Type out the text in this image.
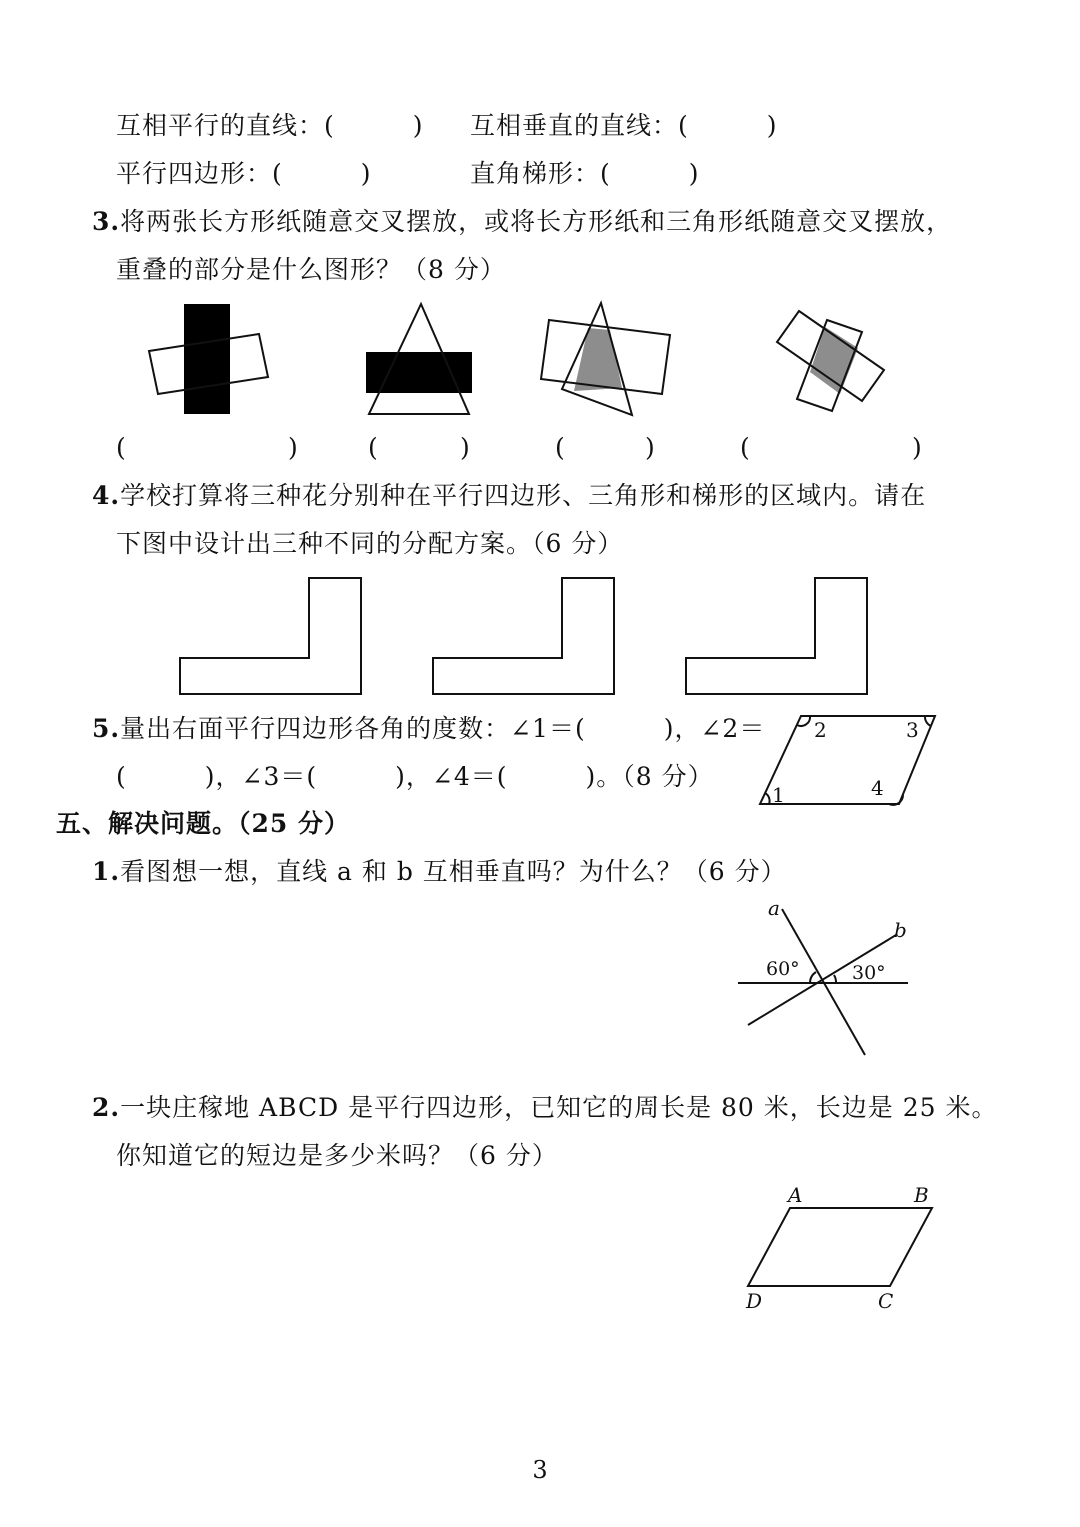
互相平行的直线：(　　　) 互相垂直的直线：(　　　)
平行四边形：(　　　)	直角梯形：(　　　)
3.将两张长方形纸随意交叉摆放，或将长方形纸和三角形纸随意交叉摆放，
重叠的部分是什么图形？（8 分）
(	)	(	)	(	)	(	)
4.学校打算将三种花分别种在平行四边形、三角形和梯形的区域内。请在
下图中设计出三种不同的分配方案。（6 分）
5.量出右面平行四边形各角的度数：∠1＝(　　　)，∠2＝
(　　　)，∠3＝(　　　)，∠4＝(　　　)。（8 分）
1
2	3
4
五、解决问题。（25 分）
1.看图想一想，直线 a 和 b 互相垂直吗？为什么？（6 分）
a
b
60°	30°
2.一块庄稼地 ABCD 是平行四边形，已知它的周长是 80 米，长边是 25 米。
你知道它的短边是多少米吗？（6 分）
A	B
C
D
3
